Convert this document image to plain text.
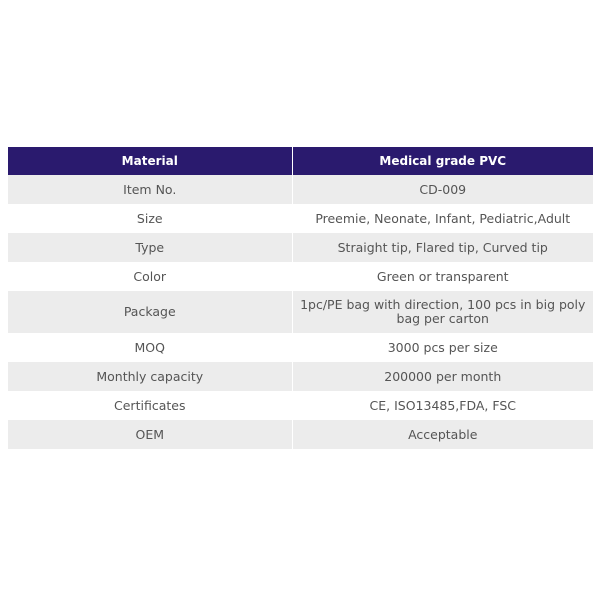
Material	Medical grade PVC
Item No.	CD-009
Size	Preemie, Neonate, Infant, Pediatric,Adult
Type	Straight tip, Flared tip, Curved tip
Color	Green or transparent
Package	1pc/PE bag with direction, 100 pcs in big poly bag per carton
MOQ	3000 pcs per size
Monthly capacity	200000 per month
Certificates	CE, ISO13485,FDA, FSC
OEM	Acceptable
